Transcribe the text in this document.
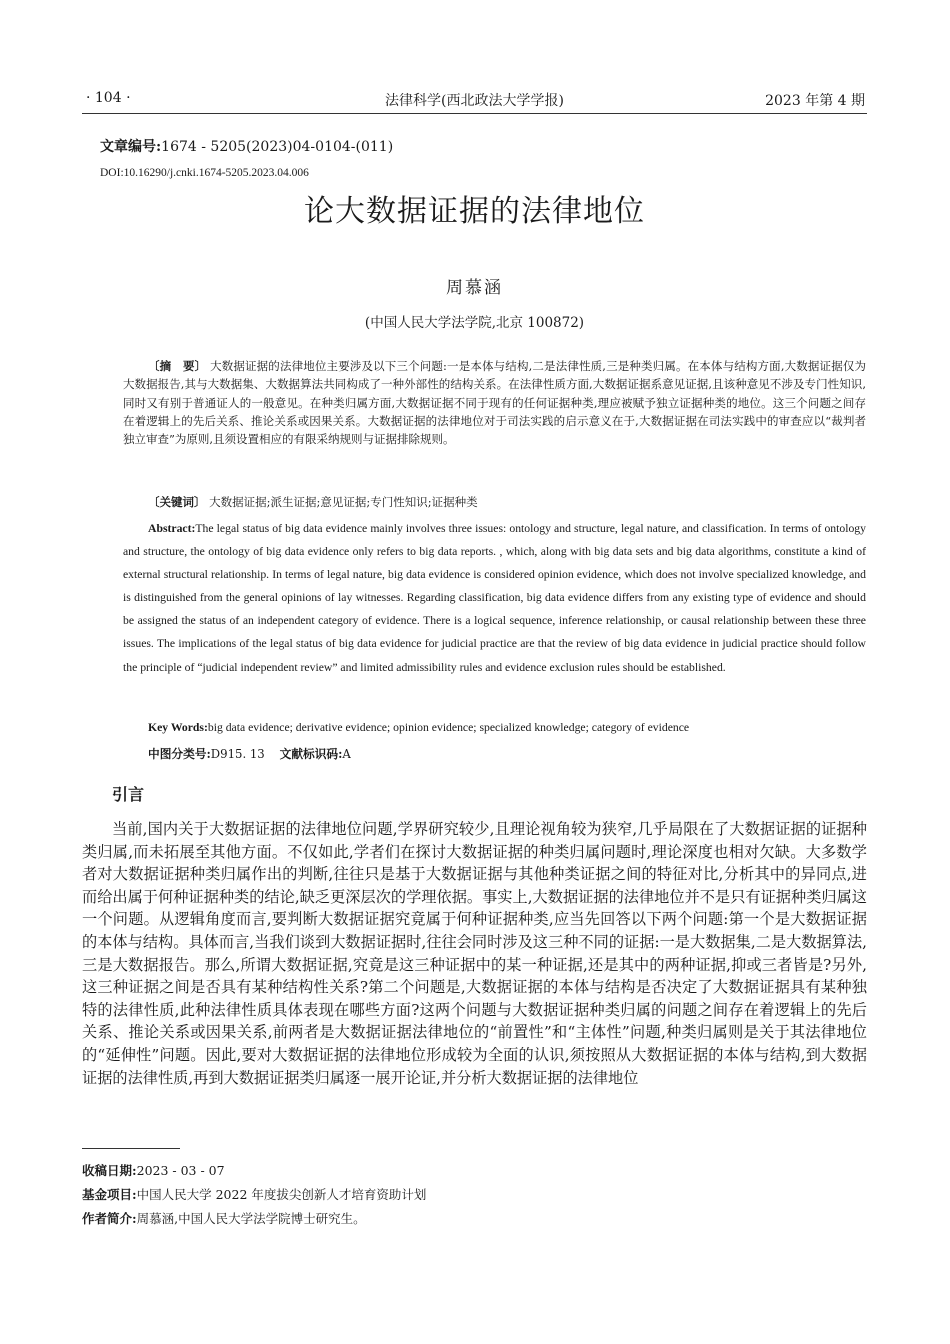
· 104 ·	法律科学(西北政法大学学报)	2023 年第 4 期
文章编号:1674 - 5205(2023)04-0104-(011)
DOI:10.16290/j.cnki.1674-5205.2023.04.006
论大数据证据的法律地位
周慕涵
(中国人民大学法学院,北京 100872)
〔摘　要〕 大数据证据的法律地位主要涉及以下三个问题:一是本体与结构,二是法律性质,三是种类归属。在本体与结构方面,大数据证据仅为大数据报告,其与大数据集、大数据算法共同构成了一种外部性的结构关系。在法律性质方面,大数据证据系意见证据,且该种意见不涉及专门性知识,同时又有别于普通证人的一般意见。在种类归属方面,大数据证据不同于现有的任何证据种类,理应被赋予独立证据种类的地位。这三个问题之间存在着逻辑上的先后关系、推论关系或因果关系。大数据证据的法律地位对于司法实践的启示意义在于,大数据证据在司法实践中的审查应以“裁判者独立审查”为原则,且须设置相应的有限采纳规则与证据排除规则。
〔关键词〕 大数据证据;派生证据;意见证据;专门性知识;证据种类
Abstract:The legal status of big data evidence mainly involves three issues: ontology and structure, legal nature, and classification. In terms of ontology and structure, the ontology of big data evidence only refers to big data reports. , which, along with big data sets and big data algorithms, constitute a kind of external structural relationship. In terms of legal nature, big data evidence is considered opinion evidence, which does not involve specialized knowledge, and is distinguished from the general opinions of lay witnesses. Regarding classification, big data evidence differs from any existing type of evidence and should be assigned the status of an independent category of evidence. There is a logical sequence, inference relationship, or causal relationship between these three issues. The implications of the legal status of big data evidence for judicial practice are that the review of big data evidence in judicial practice should follow the principle of “judicial independent review” and limited admissibility rules and evidence exclusion rules should be established.
Key Words:big data evidence; derivative evidence; opinion evidence; specialized knowledge; category of evidence
中图分类号:D915. 13 文献标识码:A
引言
当前,国内关于大数据证据的法律地位问题,学界研究较少,且理论视角较为狭窄,几乎局限在了大数据证据的证据种类归属,而未拓展至其他方面。不仅如此,学者们在探讨大数据证据的种类归属问题时,理论深度也相对欠缺。大多数学者对大数据证据种类归属作出的判断,往往只是基于大数据证据与其他种类证据之间的特征对比,分析其中的异同点,进而给出属于何种证据种类的结论,缺乏更深层次的学理依据。事实上,大数据证据的法律地位并不是只有证据种类归属这一个问题。从逻辑角度而言,要判断大数据证据究竟属于何种证据种类,应当先回答以下两个问题:第一个是大数据证据的本体与结构。具体而言,当我们谈到大数据证据时,往往会同时涉及这三种不同的证据:一是大数据集,二是大数据算法,三是大数据报告。那么,所谓大数据证据,究竟是这三种证据中的某一种证据,还是其中的两种证据,抑或三者皆是?另外,这三种证据之间是否具有某种结构性关系?第二个问题是,大数据证据的本体与结构是否决定了大数据证据具有某种独特的法律性质,此种法律性质具体表现在哪些方面?这两个问题与大数据证据种类归属的问题之间存在着逻辑上的先后关系、推论关系或因果关系,前两者是大数据证据法律地位的“前置性”和“主体性”问题,种类归属则是关于其法律地位的“延伸性”问题。因此,要对大数据证据的法律地位形成较为全面的认识,须按照从大数据证据的本体与结构,到大数据证据的法律性质,再到大数据证据类归属逐一展开论证,并分析大数据证据的法律地位
收稿日期:2023 - 03 - 07
基金项目:中国人民大学 2022 年度拔尖创新人才培育资助计划
作者简介:周慕涵,中国人民大学法学院博士研究生。
